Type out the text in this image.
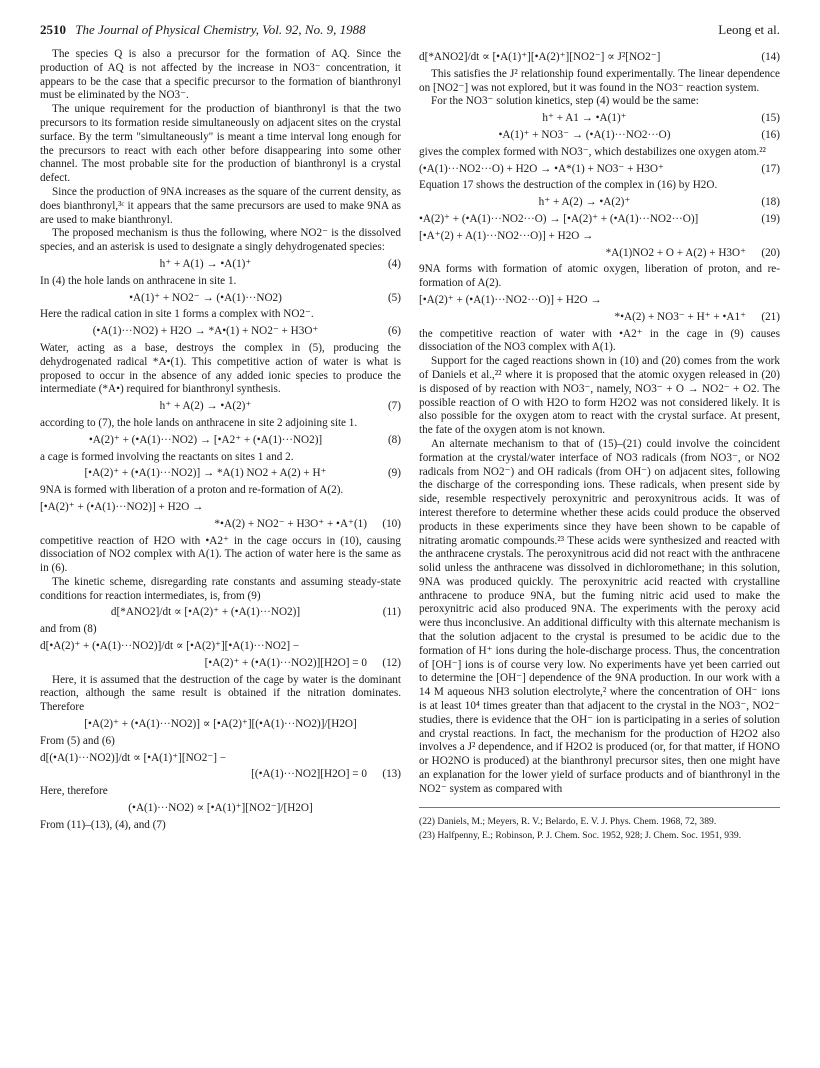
2510 The Journal of Physical Chemistry, Vol. 92, No. 9, 1988	Leong et al.

The species Q is also a precursor for the formation of AQ. Since the production of AQ is not affected by the increase in NO3⁻ concentration, it appears to be the case that a specific precursor to the formation of bianthronyl must be eliminated by the NO3⁻.

The unique requirement for the production of bianthronyl is that the two precursors to its formation reside simultaneously on adjacent sites on the crystal surface. By the term "simultaneously" is meant a time interval long enough for the precursors to react with each other before disappearing into some other channel. The most probable site for the production of bianthronyl is a crystal defect.

Since the production of 9NA increases as the square of the current density, as does bianthronyl,³ᶜ it appears that the same precursors are used to make 9NA as are used to make bianthronyl.

The proposed mechanism is thus the following, where NO2⁻ is the dissolved species, and an asterisk is used to designate a singly dehydrogenated species:

h⁺ + A(1) → •A(1)⁺	(4)

In (4) the hole lands on anthracene in site 1.

•A(1)⁺ + NO2⁻ → (•A(1)···NO2)	(5)

Here the radical cation in site 1 forms a complex with NO2⁻.

(•A(1)···NO2) + H2O → *A•(1) + NO2⁻ + H3O⁺	(6)

Water, acting as a base, destroys the complex in (5), producing the dehydrogenated radical *A•(1). This competitive action of water is what is proposed to occur in the absence of any added ionic species to produce the intermediate (*A•) required for bianthronyl synthesis.

h⁺ + A(2) → •A(2)⁺	(7)

according to (7), the hole lands on anthracene in site 2 adjoining site 1.

•A(2)⁺ + (•A(1)···NO2) → [•A2⁺ + (•A(1)···NO2)]	(8)

a cage is formed involving the reactants on sites 1 and 2.

[•A(2)⁺ + (•A(1)···NO2)] → *A(1) NO2 + A(2) + H⁺	(9)

9NA is formed with liberation of a proton and re-formation of A(2).

[•A(2)⁺ + (•A(1)···NO2)] + H2O →
*•A(2) + NO2⁻ + H3O⁺ + •A⁺(1)	(10)

competitive reaction of H2O with •A2⁺ in the cage occurs in (10), causing dissociation of NO2 complex with A(1). The action of water here is the same as in (6).

The kinetic scheme, disregarding rate constants and assuming steady-state conditions for reaction intermediates, is, from (9)

d[*ANO2]/dt ∝ [•A(2)⁺ + (•A(1)···NO2)]	(11)

and from (8)

d[•A(2)⁺ + (•A(1)···NO2)]/dt ∝ [•A(2)⁺][•A(1)···NO2] −
[•A(2)⁺ + (•A(1)···NO2)][H2O] = 0	(12)

Here, it is assumed that the destruction of the cage by water is the dominant reaction, although the same result is obtained if the nitration dominates. Therefore

[•A(2)⁺ + (•A(1)···NO2)] ∝ [•A(2)⁺][(•A(1)···NO2)]/[H2O]

From (5) and (6)

d[(•A(1)···NO2)]/dt ∝ [•A(1)⁺][NO2⁻] −
[(•A(1)···NO2][H2O] = 0	(13)

Here, therefore

(•A(1)···NO2) ∝ [•A(1)⁺][NO2⁻]/[H2O]

From (11)–(13), (4), and (7)

d[*ANO2]/dt ∝ [•A(1)⁺][•A(2)⁺][NO2⁻] ∝ J²[NO2⁻]	(14)

This satisfies the J² relationship found experimentally. The linear dependence on [NO2⁻] was not explored, but it was found in the NO3⁻ reaction system.

For the NO3⁻ solution kinetics, step (4) would be the same:

h⁺ + A1 → •A(1)⁺	(15)
•A(1)⁺ + NO3⁻ → (•A(1)···NO2···O)	(16)

gives the complex formed with NO3⁻, which destabilizes one oxygen atom.²²

(•A(1)···NO2···O) + H2O → •A*(1) + NO3⁻ + H3O⁺	(17)

Equation 17 shows the destruction of the complex in (16) by H2O.

h⁺ + A(2) → •A(2)⁺	(18)
•A(2)⁺ + (•A(1)···NO2···O) → [•A(2)⁺ + (•A(1)···NO2···O)]	(19)
[•A⁺(2) + A(1)···NO2···O)] + H2O →
*A(1)NO2 + O + A(2) + H3O⁺	(20)

9NA forms with formation of atomic oxygen, liberation of proton, and re-formation of A(2).

[•A(2)⁺ + (•A(1)···NO2···O)] + H2O →
*•A(2) + NO3⁻ + H⁺ + •A1⁺	(21)

the competitive reaction of water with •A2⁺ in the cage in (9) causes dissociation of the NO3 complex with A(1).

Support for the caged reactions shown in (10) and (20) comes from the work of Daniels et al.,²² where it is proposed that the atomic oxygen released in (20) is disposed of by reaction with NO3⁻, namely, NO3⁻ + O → NO2⁻ + O2. The possible reaction of O with H2O to form H2O2 was not considered likely. It is also possible for the oxygen atom to react with the crystal surface. At present, the fate of the oxygen atom is not known.

An alternate mechanism to that of (15)–(21) could involve the coincident formation at the crystal/water interface of NO3 radicals (from NO3⁻, or NO2 radicals from NO2⁻) and OH radicals (from OH⁻) on adjacent sites, following the discharge of the corresponding ions. These radicals, when present side by side, resemble respectively peroxynitric and peroxynitrous acids. It was of interest therefore to determine whether these acids could produce the observed products in these experiments since they have been shown to be capable of nitrating aromatic compounds.²³ These acids were synthesized and reacted with the anthracene crystals. The peroxynitrous acid did not react with the anthracene solid unless the anthracene was dissolved in dichloromethane; in this solution, 9NA was produced quickly. The peroxynitric acid reacted with crystalline anthracene to produce 9NA, but the fuming nitric acid used to make the peroxynitric acid also produced 9NA. The experiments with the peroxy acid were thus inconclusive. An additional difficulty with this alternate mechanism is that the solution adjacent to the crystal is presumed to be acidic due to the formation of H⁺ ions during the hole-discharge process. Thus, the concentration of [OH⁻] ions is of course very low. No experiments have yet been carried out to determine the [OH⁻] dependence of the 9NA production. In our work with a 14 M aqueous NH3 solution electrolyte,² where the concentration of OH⁻ ions is at least 10⁴ times greater than that adjacent to the crystal in the NO3⁻, NO2⁻ studies, there is evidence that the OH⁻ ion is participating in a series of solution and crystal reactions. In fact, the mechanism for the production of H2O2 also involves a J² dependence, and if H2O2 is produced (or, for that matter, if HONO or HO2NO is produced) at the bianthronyl precursor sites, then one might have an explanation for the lower yield of surface products and of bianthronyl in the NO2⁻ system as compared with

(22) Daniels, M.; Meyers, R. V.; Belardo, E. V. J. Phys. Chem. 1968, 72, 389.
(23) Halfpenny, E.; Robinson, P. J. Chem. Soc. 1952, 928; J. Chem. Soc. 1951, 939.
